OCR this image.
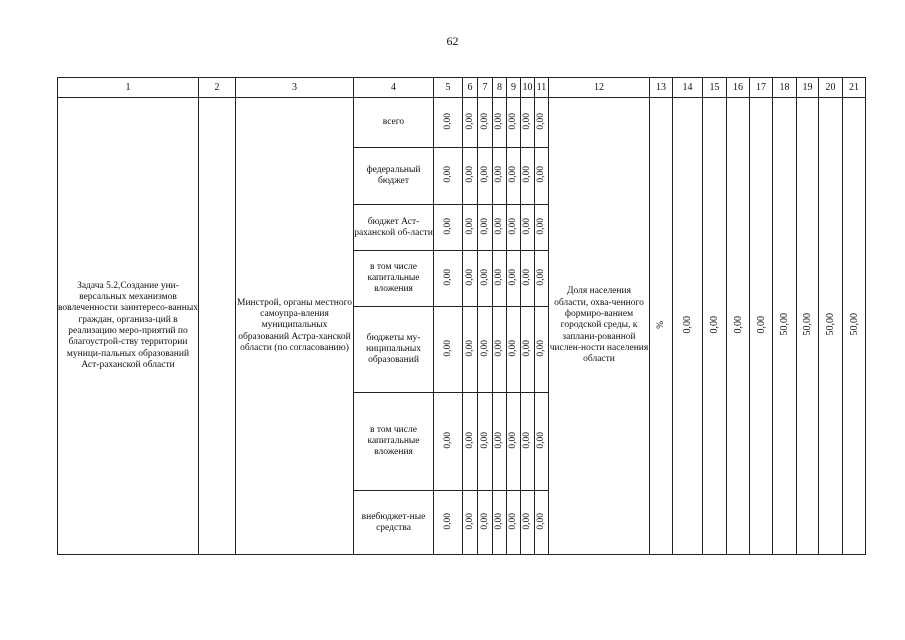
62
1	2	3	4	5	6	7	8	9	10	11	12	13	14	15	16	17	18	19	20	21
Задача 5.2,Создание уни-версальных механизмов вовлеченности заинтересо-ванных граждан, организа-ций в реализацию меро-приятий по благоустрой-ству территории муници-пальных образований Аст-раханской области		Минстрой, органы местного самоупра-вления муниципальных образований Астра-ханской области (по согласованию)	всего	0,00	0,00	0,00	0,00	0,00	0,00	0,00	Доля населения области, охва-ченного формиро-ванием городской среды, к заплани-рованной числен-ности населения области	%	0,00	0,00	0,00	0,00	50,00	50,00	50,00	50,00
			федеральный бюджет	0,00	0,00	0,00	0,00	0,00	0,00	0,00										
			бюджет Аст-раханской об-ласти	0,00	0,00	0,00	0,00	0,00	0,00	0,00										
			в том числе капитальные вложения	0,00	0,00	0,00	0,00	0,00	0,00	0,00										
			бюджеты му-ниципальных образований	0,00	0,00	0,00	0,00	0,00	0,00	0,00										
			в том числе капитальные вложения	0,00	0,00	0,00	0,00	0,00	0,00	0,00										
			внебюджет-ные средства	0,00	0,00	0,00	0,00	0,00	0,00	0,00										
